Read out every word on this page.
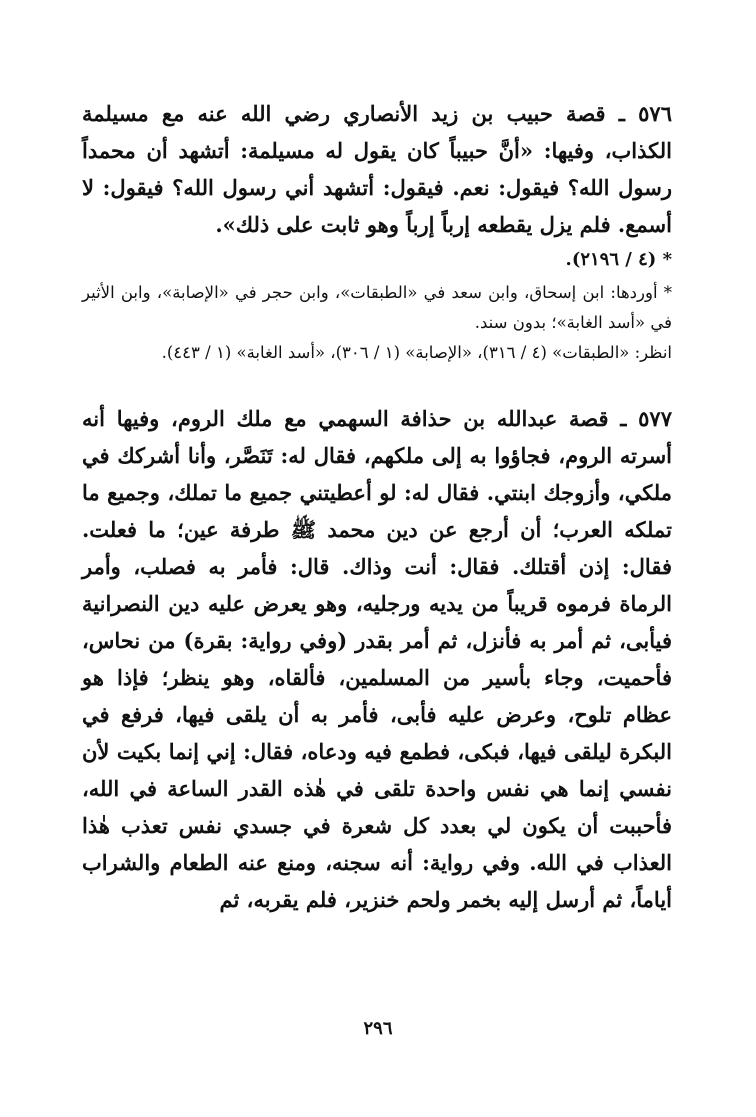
٥٧٦ ـ قصة حبيب بن زيد الأنصاري رضي الله عنه مع مسيلمة الكذاب، وفيها: «أنَّ حبيباً كان يقول له مسيلمة: أتشهد أن محمداً رسول الله؟ فيقول: نعم. فيقول: أتشهد أني رسول الله؟ فيقول: لا أسمع. فلم يزل يقطعه إرباً إرباً وهو ثابت على ذلك».

* (٤ / ٢١٩٦).

* أوردها: ابن إسحاق، وابن سعد في «الطبقات»، وابن حجر في «الإصابة»، وابن الأثير في «أسد الغابة»؛ بدون سند.

انظر: «الطبقات» (٤ / ٣١٦)، «الإصابة» (١ / ٣٠٦)، «أسد الغابة» (١ / ٤٤٣).

٥٧٧ ـ قصة عبدالله بن حذافة السهمي مع ملك الروم، وفيها أنه أسرته الروم، فجاؤوا به إلى ملكهم، فقال له: تَنَصَّر، وأنا أشركك في ملكي، وأزوجك ابنتي. فقال له: لو أعطيتني جميع ما تملك، وجميع ما تملكه العرب؛ أن أرجع عن دين محمد ﷺ طرفة عين؛ ما فعلت. فقال: إذن أقتلك. فقال: أنت وذاك. قال: فأمر به فصلب، وأمر الرماة فرموه قريباً من يديه ورجليه، وهو يعرض عليه دين النصرانية فيأبى، ثم أمر به فأنزل، ثم أمر بقدر (وفي رواية: بقرة) من نحاس، فأحميت، وجاء بأسير من المسلمين، فألقاه، وهو ينظر؛ فإذا هو عظام تلوح، وعرض عليه فأبى، فأمر به أن يلقى فيها، فرفع في البكرة ليلقى فيها، فبكى، فطمع فيه ودعاه، فقال: إني إنما بكيت لأن نفسي إنما هي نفس واحدة تلقى في هٰذه القدر الساعة في الله، فأحببت أن يكون لي بعدد كل شعرة في جسدي نفس تعذب هٰذا العذاب في الله. وفي رواية: أنه سجنه، ومنع عنه الطعام والشراب أياماً، ثم أرسل إليه بخمر ولحم خنزير، فلم يقربه، ثم

٢٩٦
